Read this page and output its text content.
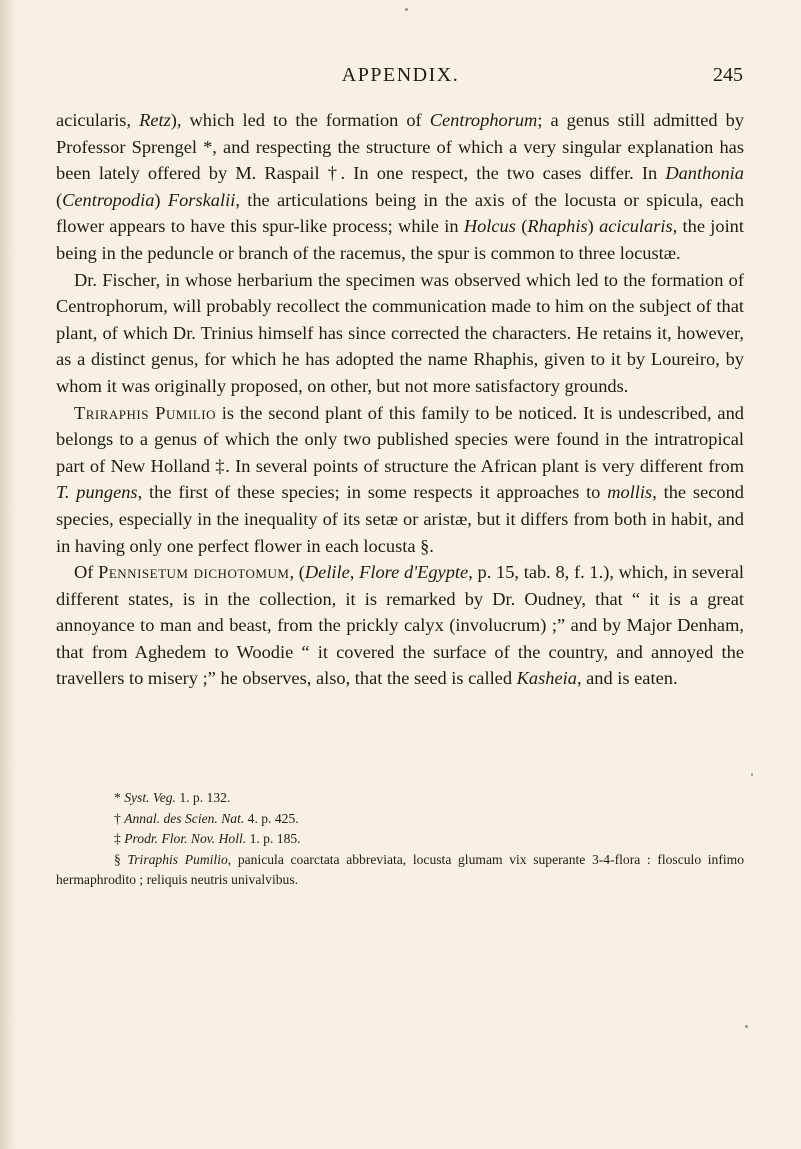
APPENDIX.	245

acicularis, Retz), which led to the formation of Centrophorum; a genus still admitted by Professor Sprengel *, and respecting the structure of which a very singular explanation has been lately offered by M. Raspail †. In one respect, the two cases differ. In Danthonia (Centropodia) Forskalii, the articulations being in the axis of the locusta or spicula, each flower appears to have this spur-like process; while in Holcus (Rhaphis) acicularis, the joint being in the peduncle or branch of the racemus, the spur is common to three locustæ.

Dr. Fischer, in whose herbarium the specimen was observed which led to the formation of Centrophorum, will probably recollect the communication made to him on the subject of that plant, of which Dr. Trinius himself has since corrected the characters. He retains it, however, as a distinct genus, for which he has adopted the name Rhaphis, given to it by Loureiro, by whom it was originally proposed, on other, but not more satisfactory grounds.

Triraphis Pumilio is the second plant of this family to be noticed. It is undescribed, and belongs to a genus of which the only two published species were found in the intratropical part of New Holland ‡. In several points of structure the African plant is very different from T. pungens, the first of these species; in some respects it approaches to mollis, the second species, especially in the inequality of its setæ or aristæ, but it differs from both in habit, and in having only one perfect flower in each locusta §.

Of Pennisetum dichotomum, (Delile, Flore d'Egypte, p. 15, tab. 8, f. 1.), which, in several different states, is in the collection, it is remarked by Dr. Oudney, that “ it is a great annoyance to man and beast, from the prickly calyx (involucrum) ;” and by Major Denham, that from Aghedem to Woodie “ it covered the surface of the country, and annoyed the travellers to misery ;” he observes, also, that the seed is called Kasheia, and is eaten.

* Syst. Veg. 1. p. 132.

† Annal. des Scien. Nat. 4. p. 425.

‡ Prodr. Flor. Nov. Holl. 1. p. 185.

§ Triraphis Pumilio, panicula coarctata abbreviata, locusta glumam vix superante 3-4-flora : flosculo infimo hermaphrodito ; reliquis neutris univalvibus.
